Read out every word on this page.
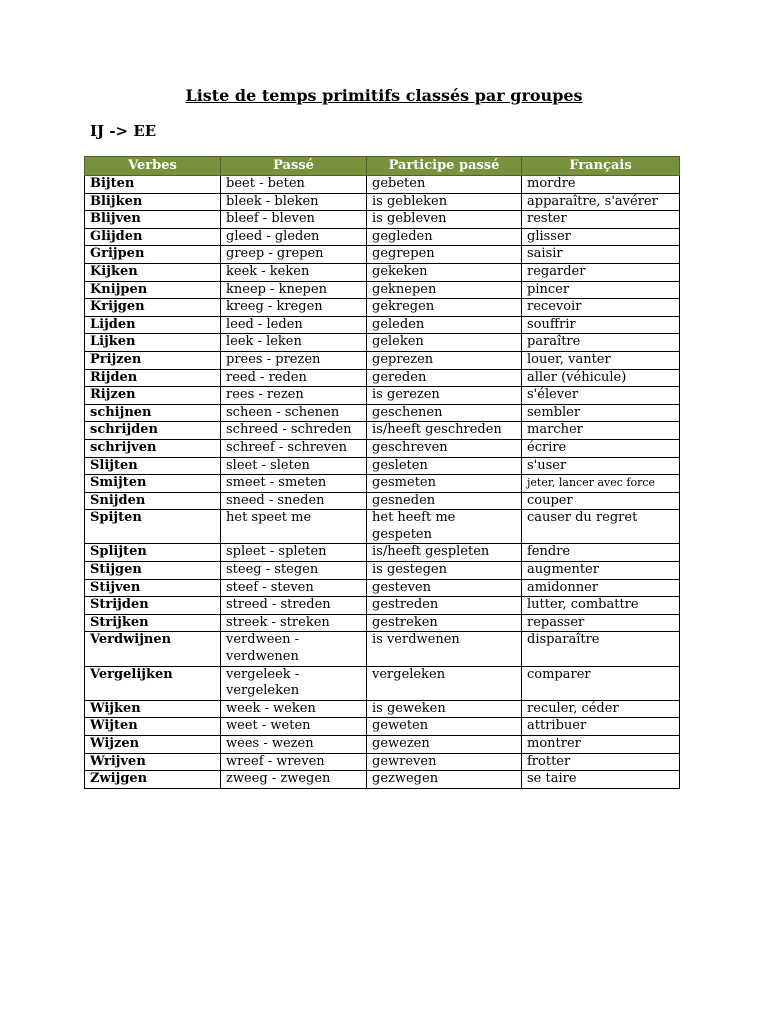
Liste de temps primitifs classés par groupes
IJ -> EE
Verbes	Passé	Participe passé	Français
Bijten	beet - beten	gebeten	mordre
Blijken	bleek - bleken	is gebleken	apparaître, s'avérer
Blijven	bleef - bleven	is gebleven	rester
Glijden	gleed - gleden	gegleden	glisser
Grijpen	greep - grepen	gegrepen	saisir
Kijken	keek - keken	gekeken	regarder
Knijpen	kneep - knepen	geknepen	pincer
Krijgen	kreeg - kregen	gekregen	recevoir
Lijden	leed - leden	geleden	souffrir
Lijken	leek - leken	geleken	paraître
Prijzen	prees - prezen	geprezen	louer, vanter
Rijden	reed - reden	gereden	aller (véhicule)
Rijzen	rees - rezen	is gerezen	s'élever
schijnen	scheen - schenen	geschenen	sembler
schrijden	schreed - schreden	is/heeft geschreden	marcher
schrijven	schreef - schreven	geschreven	écrire
Slijten	sleet - sleten	gesleten	s'user
Smijten	smeet - smeten	gesmeten	jeter, lancer avec force
Snijden	sneed - sneden	gesneden	couper
Spijten	het speet me	het heeft me gespeten	causer du regret
Splijten	spleet - spleten	is/heeft gespleten	fendre
Stijgen	steeg - stegen	is gestegen	augmenter
Stijven	steef - steven	gesteven	amidonner
Strijden	streed - streden	gestreden	lutter, combattre
Strijken	streek - streken	gestreken	repasser
Verdwijnen	verdween - verdwenen	is verdwenen	disparaître
Vergelijken	vergeleek - vergeleken	vergeleken	comparer
Wijken	week - weken	is geweken	reculer, céder
Wijten	weet - weten	geweten	attribuer
Wijzen	wees - wezen	gewezen	montrer
Wrijven	wreef - wreven	gewreven	frotter
Zwijgen	zweeg - zwegen	gezwegen	se taire
